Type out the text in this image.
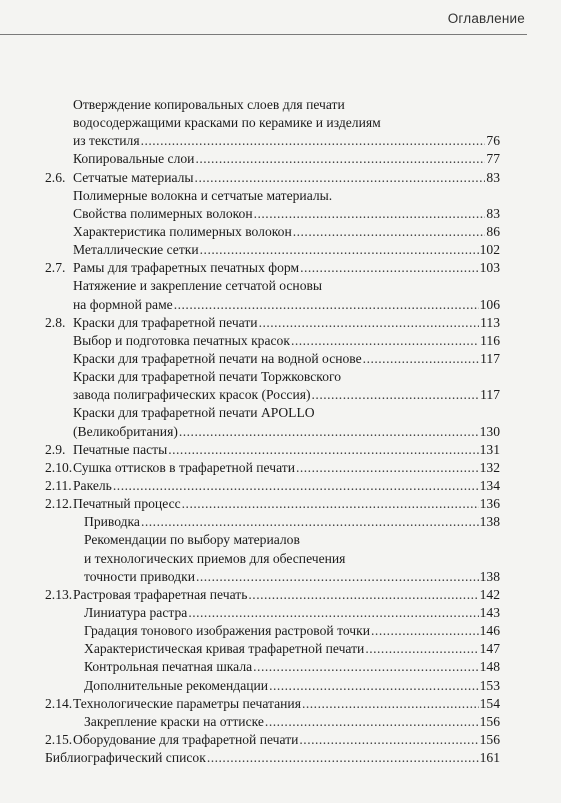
Оглавление
Отверждение копировальных слоев для печати
водосодержащими красками по керамике и изделиям
из текстиля .....	76
Копировальные слои .....	77
2.6. Сетчатые материалы .....	83
Полимерные волокна и сетчатые материалы.
Свойства полимерных волокон .....	83
Характеристика полимерных волокон .....	86
Металлические сетки .....	102
2.7. Рамы для трафаретных печатных форм .....	103
Натяжение и закрепление сетчатой основы
на формной раме .....	106
2.8. Краски для трафаретной печати .....	113
Выбор и подготовка печатных красок .....	116
Краски для трафаретной печати на водной основе .....	117
Краски для трафаретной печати Торжковского
завода полиграфических красок (Россия) .....	117
Краски для трафаретной печати APOLLO
(Великобритания) .....	130
2.9. Печатные пасты .....	131
2.10. Сушка оттисков в трафаретной печати .....	132
2.11. Ракель .....	134
2.12. Печатный процесс .....	136
Приводка .....	138
Рекомендации по выбору материалов
и технологических приемов для обеспечения
точности приводки .....	138
2.13. Растровая трафаретная печать .....	142
Линиатура растра .....	143
Градация тонового изображения растровой точки .....	146
Характеристическая кривая трафаретной печати .....	147
Контрольная печатная шкала .....	148
Дополнительные рекомендации .....	153
2.14. Технологические параметры печатания .....	154
Закрепление краски на оттиске .....	156
2.15. Оборудование для трафаретной печати .....	156
Библиографический список .....	161
